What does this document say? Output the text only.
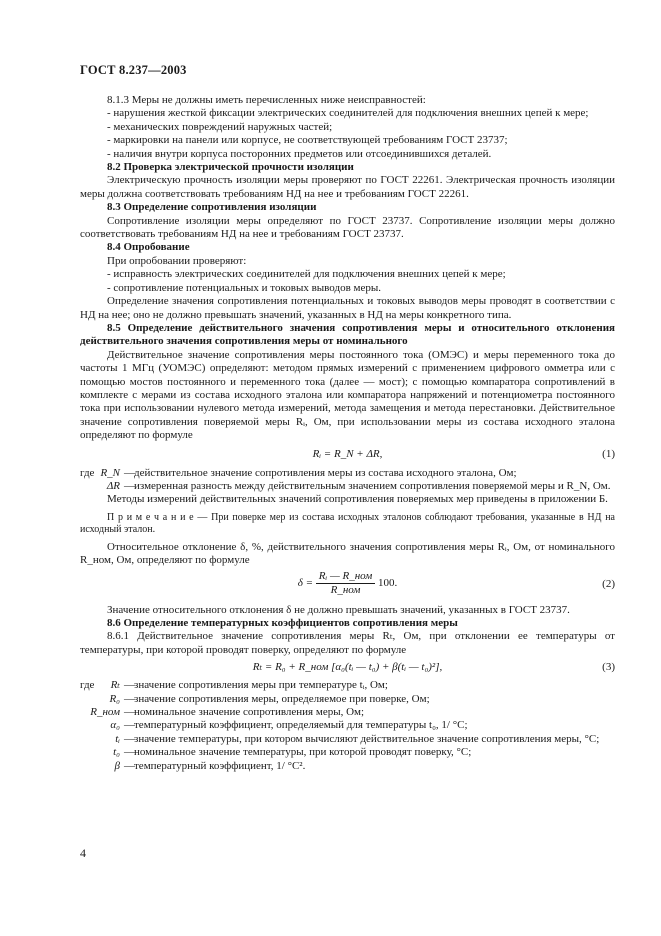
ГОСТ 8.237—2003

8.1.3 Меры не должны иметь перечисленных ниже неисправностей:

- нарушения жесткой фиксации электрических соединителей для подключения внешних цепей к мере;

- механических повреждений наружных частей;

- маркировки на панели или корпусе, не соответствующей требованиям ГОСТ 23737;

- наличия внутри корпуса посторонних предметов или отсоединившихся деталей.

8.2 Проверка электрической прочности изоляции

Электрическую прочность изоляции меры проверяют по ГОСТ 22261. Электрическая прочность изоляции меры должна соответствовать требованиям НД на нее и требованиям ГОСТ 22261.

8.3 Определение сопротивления изоляции

Сопротивление изоляции меры определяют по ГОСТ 23737. Сопротивление изоляции меры должно соответствовать требованиям НД на нее и требованиям ГОСТ 23737.

8.4 Опробование

При опробовании проверяют:

- исправность электрических соединителей для подключения внешних цепей к мере;

- сопротивление потенциальных и токовых выводов меры.

Определение значения сопротивления потенциальных и токовых выводов меры проводят в соответствии с НД на нее; оно не должно превышать значений, указанных в НД на меры конкретного типа.

8.5 Определение действительного значения сопротивления меры и относительного отклонения действительного значения сопротивления меры от номинального

Действительное значение сопротивления меры постоянного тока (ОМЭС) и меры переменного тока до частоты 1 МГц (УОМЭС) определяют: методом прямых измерений с применением цифрового омметра или с помощью мостов постоянного и переменного тока (далее — мост); с помощью компаратора сопротивлений в комплекте с мерами из состава исходного эталона или компаратора напряжений и потенциометра постоянного тока при использовании нулевого метода измерений, метода замещения и метода перестановки. Действительное значение сопротивления поверяемой меры Rᵢ, Ом, при использовании меры из состава исходного эталона определяют по формуле

Rᵢ = R_N + ΔR,	(1)
где R_N — действительное значение сопротивления меры из состава исходного эталона, Ом;
ΔR — измеренная разность между действительным значением сопротивления поверяемой меры и R_N, Ом.

Методы измерений действительных значений сопротивления поверяемых мер приведены в приложении Б.

П р и м е ч а н и е — При поверке мер из состава исходных эталонов соблюдают требования, указанные в НД на исходный эталон.

Относительное отклонение δ, %, действительного значения сопротивления меры Rᵢ, Ом, от номинального R_ном, Ом, определяют по формуле

$\delta = \frac{\text{Rᵢ — R\_ном}}{\text{R\_ном}} 100$.	(2)

Значение относительного отклонения δ не должно превышать значений, указанных в ГОСТ 23737.

8.6 Определение температурных коэффициентов сопротивления меры

8.6.1 Действительное значение сопротивления меры Rₜ, Ом, при отклонении ее температуры от температуры, при которой проводят поверку, определяют по формуле

Rₜ = R₀ + R_ном [α₀(tᵢ — t₀) + β(tᵢ — t₀)²],	(3)
где	Rₜ — значение сопротивления меры при температуре tᵢ, Ом;
R₀ — значение сопротивления меры, определяемое при поверке, Ом;
R_ном — номинальное значение сопротивления меры, Ом;
α₀ — температурный коэффициент, определяемый для температуры t₀, 1/ °С;
tᵢ — значение температуры, при котором вычисляют действительное значение сопротивления меры, °С;
t₀ — номинальное значение температуры, при которой проводят поверку, °С;
β — температурный коэффициент, 1/ °С².
4
